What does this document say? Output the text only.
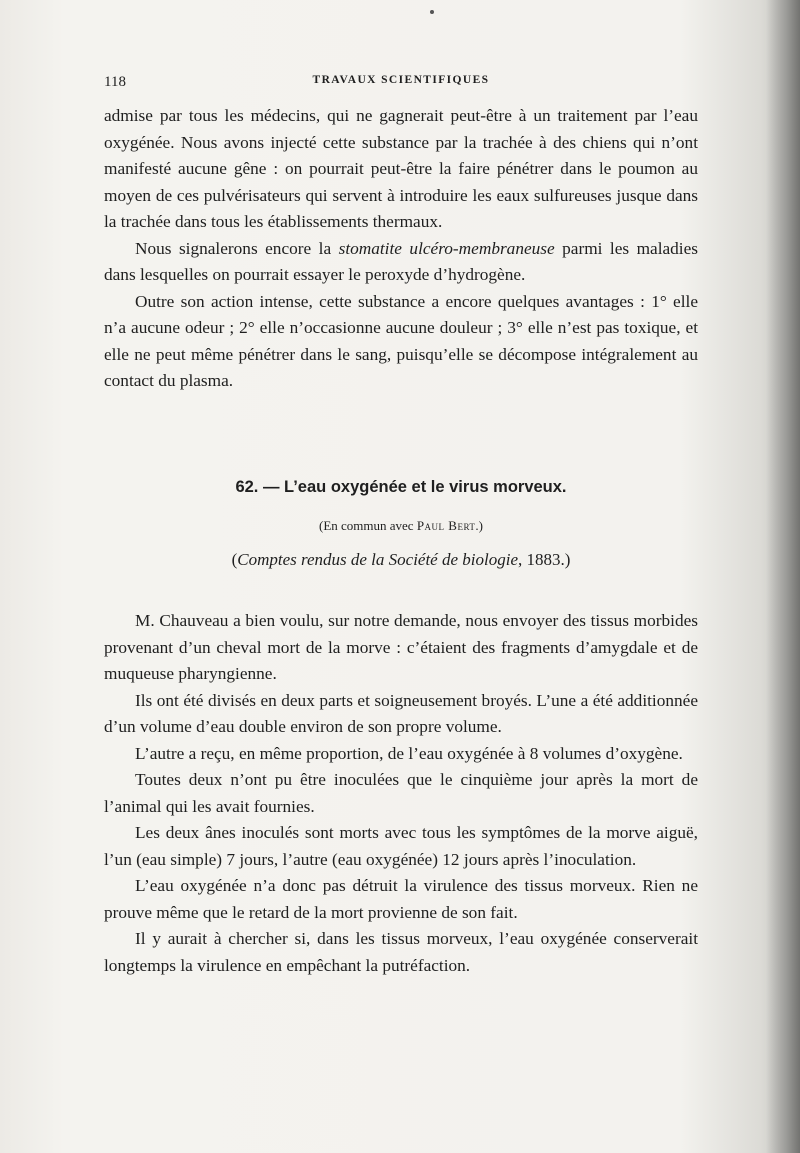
118	TRAVAUX SCIENTIFIQUES

admise par tous les médecins, qui ne gagnerait peut-être à un traitement par l’eau oxygénée. Nous avons injecté cette substance par la trachée à des chiens qui n’ont manifesté aucune gêne : on pourrait peut-être la faire pénétrer dans le poumon au moyen de ces pulvérisateurs qui servent à introduire les eaux sulfureuses jusque dans la trachée dans tous les établissements thermaux.

Nous signalerons encore la stomatite ulcéro-membraneuse parmi les maladies dans lesquelles on pourrait essayer le peroxyde d’hydrogène.

Outre son action intense, cette substance a encore quelques avantages : 1° elle n’a aucune odeur ; 2° elle n’occasionne aucune douleur ; 3° elle n’est pas toxique, et elle ne peut même pénétrer dans le sang, puisqu’elle se décompose intégralement au contact du plasma.

62. — L’eau oxygénée et le virus morveux.
(En commun avec Paul Bert.)
(Comptes rendus de la Société de biologie, 1883.)

M. Chauveau a bien voulu, sur notre demande, nous envoyer des tissus morbides provenant d’un cheval mort de la morve : c’étaient des fragments d’amygdale et de muqueuse pharyngienne.

Ils ont été divisés en deux parts et soigneusement broyés. L’une a été additionnée d’un volume d’eau double environ de son propre volume.

L’autre a reçu, en même proportion, de l’eau oxygénée à 8 volumes d’oxygène.

Toutes deux n’ont pu être inoculées que le cinquième jour après la mort de l’animal qui les avait fournies.

Les deux ânes inoculés sont morts avec tous les symptômes de la morve aiguë, l’un (eau simple) 7 jours, l’autre (eau oxygénée) 12 jours après l’inoculation.

L’eau oxygénée n’a donc pas détruit la virulence des tissus morveux. Rien ne prouve même que le retard de la mort provienne de son fait.

Il y aurait à chercher si, dans les tissus morveux, l’eau oxygénée conserverait longtemps la virulence en empêchant la putréfaction.
